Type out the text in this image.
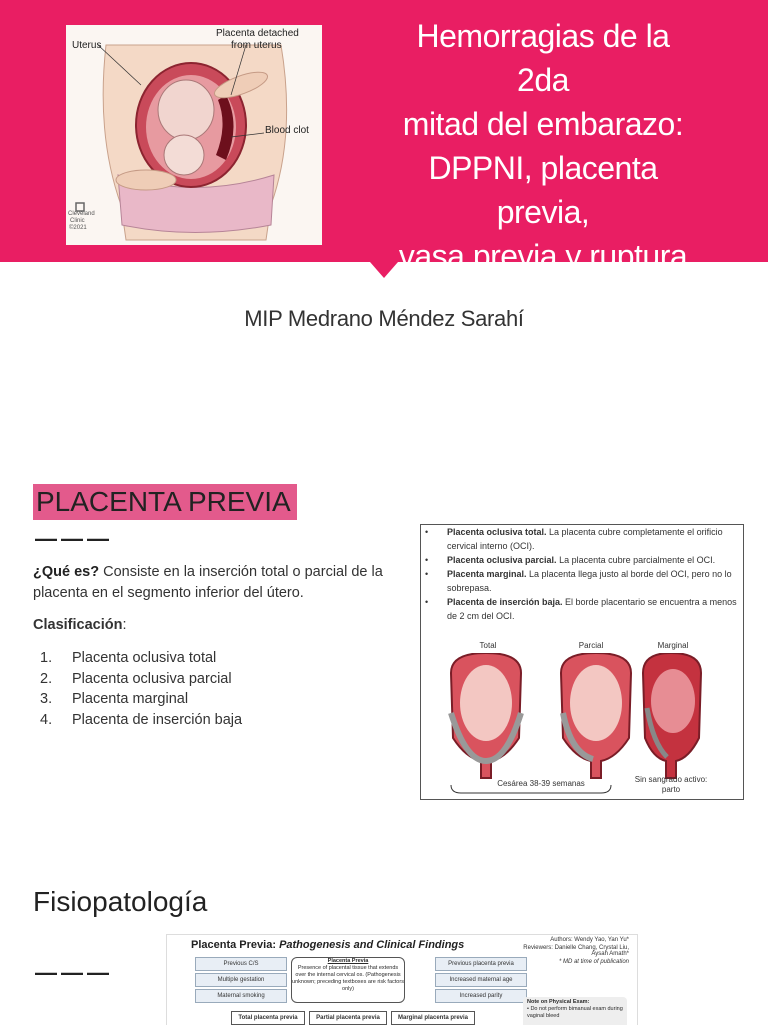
Uterus
Placenta detached
from uterus
Blood clot
Cleveland
Clinic
©2021
Hemorragias de la 2da
mitad del embarazo:
DPPNI, placenta previa,
vasa previa y ruptura
uterina
MIP Medrano Méndez Sarahí
PLACENTA PREVIA
———
¿Qué es? Consiste en la inserción total o parcial de la placenta en el segmento inferior del útero.
Clasificación:
1.	Placenta oclusiva total
2.	Placenta oclusiva parcial
3.	Placenta marginal
4.	Placenta de inserción baja
•	Placenta oclusiva total. La placenta cubre completamente el orificio cervical interno (OCI).
•	Placenta oclusiva parcial. La placenta cubre parcialmente el OCI.
•	Placenta marginal. La placenta llega justo al borde del OCI, pero no lo sobrepasa.
•	Placenta de inserción baja. El borde placentario se encuentra a menos de 2 cm del OCI.
Total	Parcial	Marginal
Cesárea 38-39 semanas	Sin sangrado activo:
parto
Fisiopatología
———
Placenta Previa: Pathogenesis and Clinical Findings	Authors: Wendy Yao, Yan Yu*
Reviewers: Danielle Chang, Crystal Liu, Aysah Amath*
* MD at time of publication
Previous C/S
Multiple gestation
Maternal smoking
Placenta Previa
Presence of placental tissue that extends over the internal cervical os. (Pathogenesis unknown; preceding textboxes are risk factors only)
Previous placenta previa
Increased maternal age
Increased parity
Total placenta previa	Partial placenta previa	Marginal placenta previa
Note on Physical Exam:
• Do not perform bimanual exam during vaginal bleed
